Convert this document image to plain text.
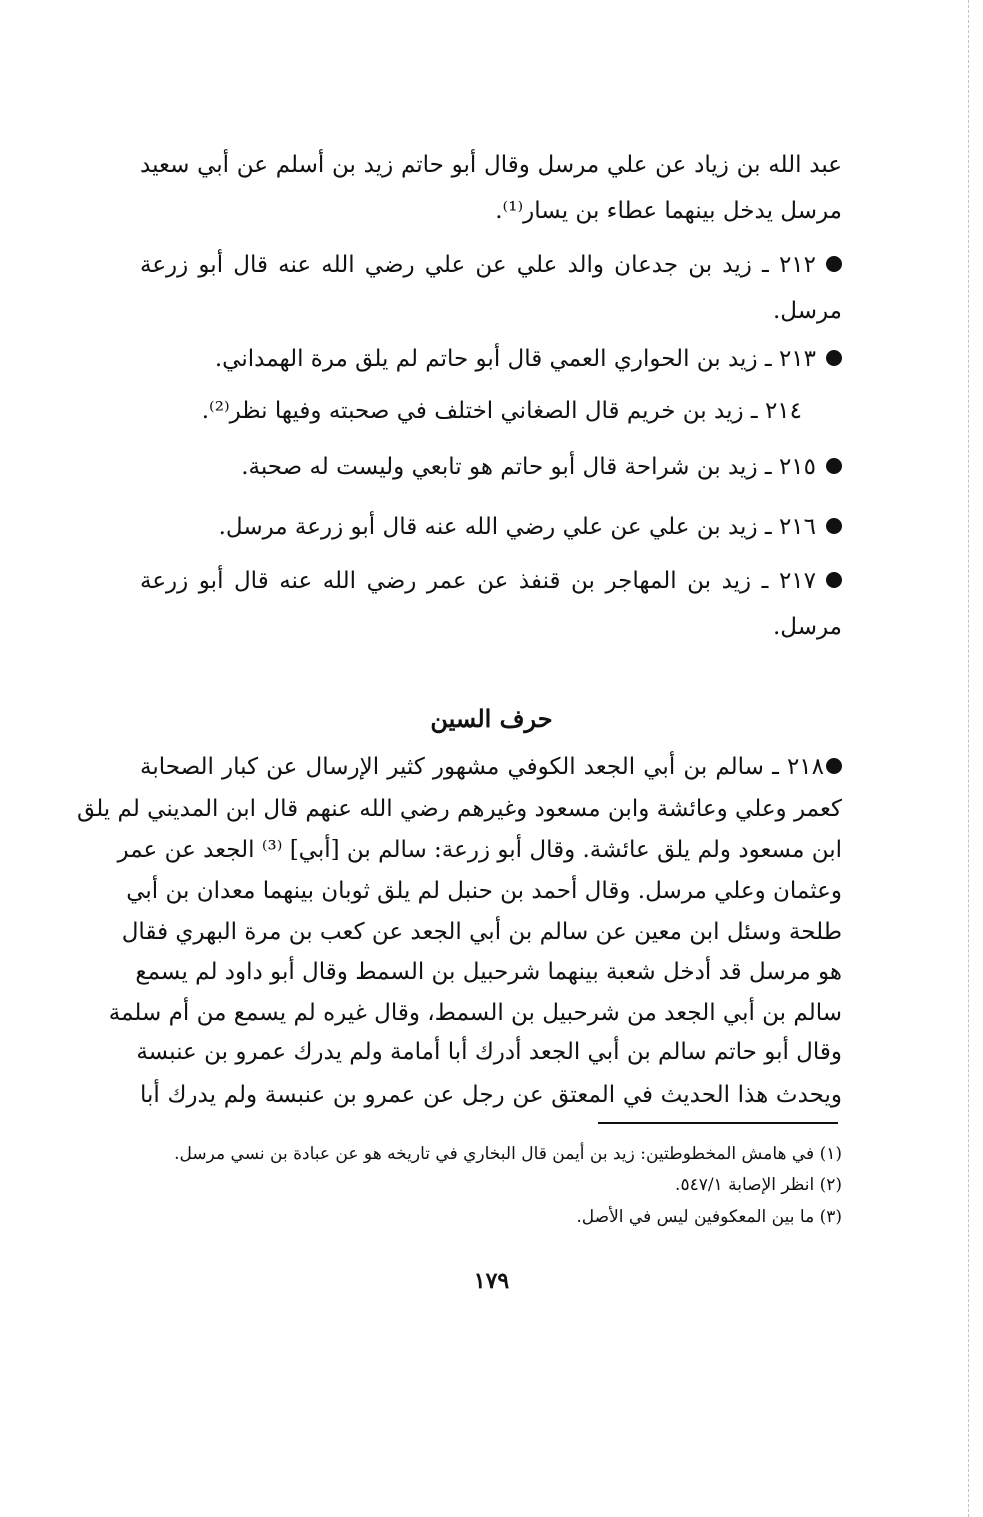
عبد الله بن زياد عن علي مرسل وقال أبو حاتم زيد بن أسلم عن أبي سعيد
مرسل يدخل بينهما عطاء بن يسار⁽¹⁾.
٢١٢ ـ زيد بن جدعان والد علي عن علي رضي الله عنه قال أبو زرعة
مرسل.
٢١٣ ـ زيد بن الحواري العمي قال أبو حاتم لم يلق مرة الهمداني.
٢١٤ ـ زيد بن خريم قال الصغاني اختلف في صحبته وفيها نظر⁽²⁾.
٢١٥ ـ زيد بن شراحة قال أبو حاتم هو تابعي وليست له صحبة.
٢١٦ ـ زيد بن علي عن علي رضي الله عنه قال أبو زرعة مرسل.
٢١٧ ـ زيد بن المهاجر بن قنفذ عن عمر رضي الله عنه قال أبو زرعة
مرسل.
حرف السين
٢١٨ ـ سالم بن أبي الجعد الكوفي مشهور كثير الإرسال عن كبار الصحابة
كعمر وعلي وعائشة وابن مسعود وغيرهم رضي الله عنهم قال ابن المديني لم يلق
ابن مسعود ولم يلق عائشة. وقال أبو زرعة: سالم بن [أبي] ⁽³⁾ الجعد عن عمر
وعثمان وعلي مرسل. وقال أحمد بن حنبل لم يلق ثوبان بينهما معدان بن أبي
طلحة وسئل ابن معين عن سالم بن أبي الجعد عن كعب بن مرة البهري فقال
هو مرسل قد أدخل شعبة بينهما شرحبيل بن السمط وقال أبو داود لم يسمع
سالم بن أبي الجعد من شرحبيل بن السمط، وقال غيره لم يسمع من أم سلمة
وقال أبو حاتم سالم بن أبي الجعد أدرك أبا أمامة ولم يدرك عمرو بن عنبسة
ويحدث هذا الحديث في المعتق عن رجل عن عمرو بن عنبسة ولم يدرك أبا
(١) في هامش المخطوطتين: زيد بن أيمن قال البخاري في تاريخه هو عن عبادة بن نسي مرسل.
(٢) انظر الإصابة ٥٤٧/١.
(٣) ما بين المعكوفين ليس في الأصل.
١٧٩
